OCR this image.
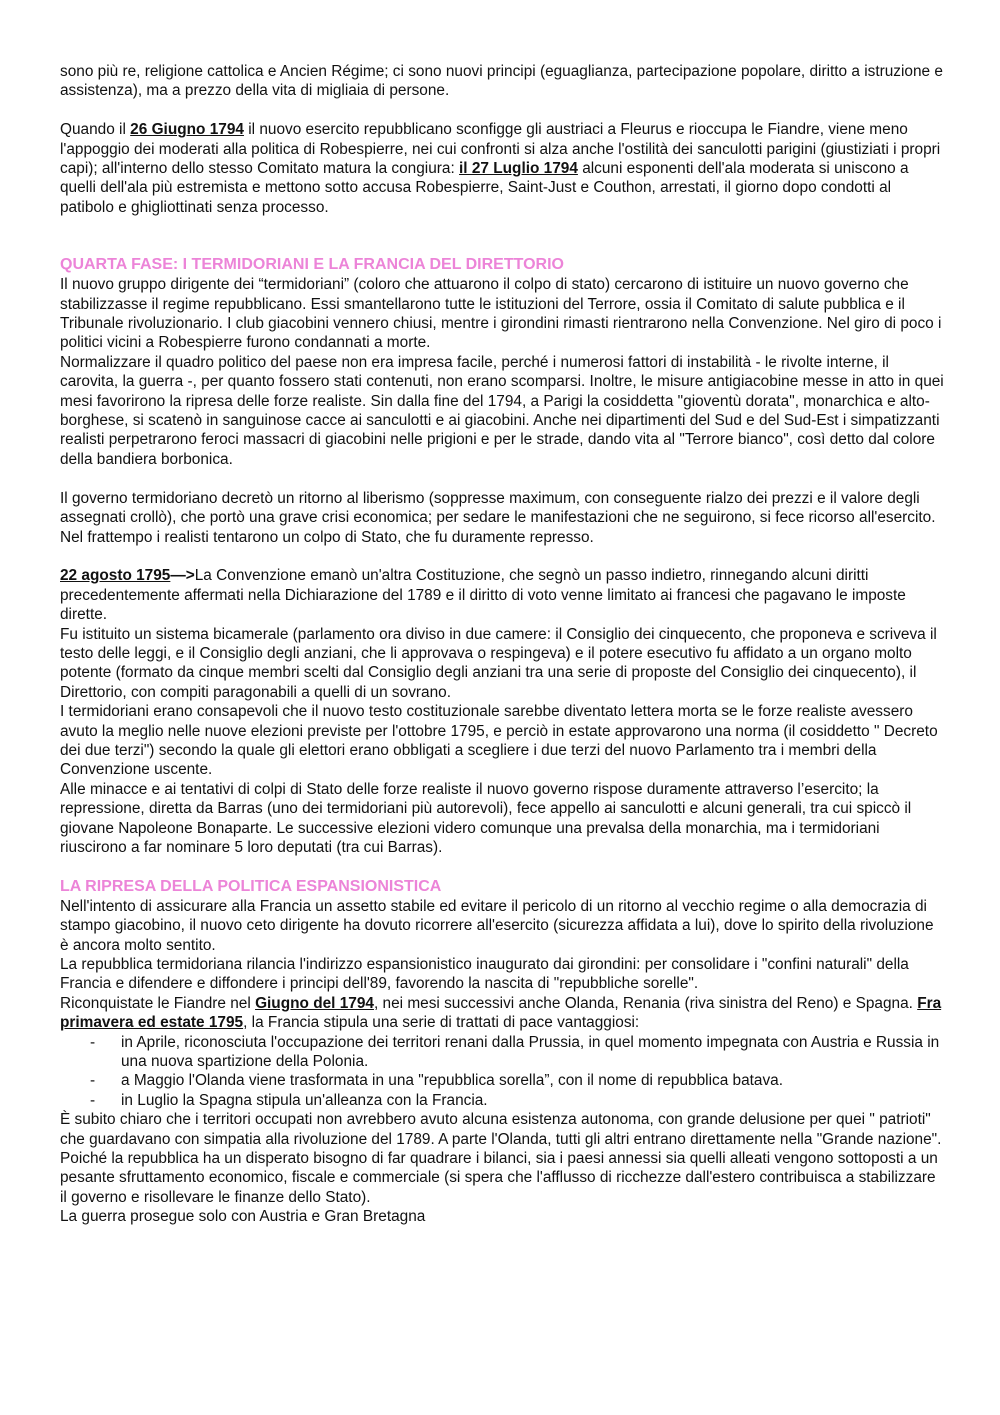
sono più re, religione cattolica e Ancien Régime; ci sono nuovi principi (eguaglianza, partecipazione popolare, diritto a istruzione e assistenza), ma a prezzo della vita di migliaia di persone.

Quando il 26 Giugno 1794 il nuovo esercito repubblicano sconfigge gli austriaci a Fleurus e rioccupa le Fiandre, viene meno l'appoggio dei moderati alla politica di Robespierre, nei cui confronti si alza anche l'ostilità dei sanculotti parigini (giustiziati i propri capi); all'interno dello stesso Comitato matura la congiura: il 27 Luglio 1794 alcuni esponenti dell'ala moderata si uniscono a quelli dell'ala più estremista e mettono sotto accusa Robespierre, Saint-Just e Couthon, arrestati, il giorno dopo condotti al patibolo e ghigliottinati senza processo.

QUARTA FASE: I TERMIDORIANI E LA FRANCIA DEL DIRETTORIO

Il nuovo gruppo dirigente dei “termidoriani” (coloro che attuarono il colpo di stato) cercarono di istituire un nuovo governo che stabilizzasse il regime repubblicano. Essi smantellarono tutte le istituzioni del Terrore, ossia il Comitato di salute pubblica e il Tribunale rivoluzionario. I club giacobini vennero chiusi, mentre i girondini rimasti rientrarono nella Convenzione. Nel giro di poco i politici vicini a Robespierre furono condannati a morte.

Normalizzare il quadro politico del paese non era impresa facile, perché i numerosi fattori di instabilità - le rivolte interne, il carovita, la guerra -, per quanto fossero stati contenuti, non erano scomparsi. Inoltre, le misure antigiacobine messe in atto in quei mesi favorirono la ripresa delle forze realiste. Sin dalla fine del 1794, a Parigi la cosiddetta "gioventù dorata", monarchica e alto-borghese, si scatenò in sanguinose cacce ai sanculotti e ai giacobini. Anche nei dipartimenti del Sud e del Sud-Est i simpatizzanti realisti perpetrarono feroci massacri di giacobini nelle prigioni e per le strade, dando vita al "Terrore bianco", così detto dal colore della bandiera borbonica.

Il governo termidoriano decretò un ritorno al liberismo (soppresse maximum, con conseguente rialzo dei prezzi e il valore degli assegnati crollò), che portò una grave crisi economica; per sedare le manifestazioni che ne seguirono, si fece ricorso all'esercito. Nel frattempo i realisti tentarono un colpo di Stato, che fu duramente represso.

22 agosto 1795—>La Convenzione emanò un'altra Costituzione, che segnò un passo indietro, rinnegando alcuni diritti precedentemente affermati nella Dichiarazione del 1789 e il diritto di voto venne limitato ai francesi che pagavano le imposte dirette.

Fu istituito un sistema bicamerale (parlamento ora diviso in due camere: il Consiglio dei cinquecento, che proponeva e scriveva il testo delle leggi, e il Consiglio degli anziani, che li approvava o respingeva) e il potere esecutivo fu affidato a un organo molto potente (formato da cinque membri scelti dal Consiglio degli anziani tra una serie di proposte del Consiglio dei cinquecento), il Direttorio, con compiti paragonabili a quelli di un sovrano.

I termidoriani erano consapevoli che il nuovo testo costituzionale sarebbe diventato lettera morta se le forze realiste avessero avuto la meglio nelle nuove elezioni previste per l'ottobre 1795, e perciò in estate approvarono una norma (il cosiddetto " Decreto dei due terzi") secondo la quale gli elettori erano obbligati a scegliere i due terzi del nuovo Parlamento tra i membri della Convenzione uscente.

Alle minacce e ai tentativi di colpi di Stato delle forze realiste il nuovo governo rispose duramente attraverso l’esercito; la repressione, diretta da Barras (uno dei termidoriani più autorevoli), fece appello ai sanculotti e alcuni generali, tra cui spiccò il giovane Napoleone Bonaparte. Le successive elezioni videro comunque una prevalsa della monarchia, ma i termidoriani riuscirono a far nominare 5 loro deputati (tra cui Barras).

LA RIPRESA DELLA POLITICA ESPANSIONISTICA

Nell'intento di assicurare alla Francia un assetto stabile ed evitare il pericolo di un ritorno al vecchio regime o alla democrazia di stampo giacobino, il nuovo ceto dirigente ha dovuto ricorrere all'esercito (sicurezza affidata a lui), dove lo spirito della rivoluzione è ancora molto sentito.

La repubblica termidoriana rilancia l'indirizzo espansionistico inaugurato dai girondini: per consolidare i "confini naturali" della Francia e difendere e diffondere i principi dell'89, favorendo la nascita di "repubbliche sorelle".

Riconquistate le Fiandre nel Giugno del 1794, nei mesi successivi anche Olanda, Renania (riva sinistra del Reno) e Spagna. Fra primavera ed estate 1795, la Francia stipula una serie di trattati di pace vantaggiosi:

- in Aprile, riconosciuta l'occupazione dei territori renani dalla Prussia, in quel momento impegnata con Austria e Russia in una nuova spartizione della Polonia.
- a Maggio l'Olanda viene trasformata in una "repubblica sorella”, con il nome di repubblica batava.
- in Luglio la Spagna stipula un'alleanza con la Francia.

È subito chiaro che i territori occupati non avrebbero avuto alcuna esistenza autonoma, con grande delusione per quei " patrioti" che guardavano con simpatia alla rivoluzione del 1789. A parte l'Olanda, tutti gli altri entrano direttamente nella "Grande nazione". Poiché la repubblica ha un disperato bisogno di far quadrare i bilanci, sia i paesi annessi sia quelli alleati vengono sottoposti a un pesante sfruttamento economico, fiscale e commerciale (si spera che l'afflusso di ricchezze dall'estero contribuisca a stabilizzare il governo e risollevare le finanze dello Stato).

La guerra prosegue solo con Austria e Gran Bretagna
